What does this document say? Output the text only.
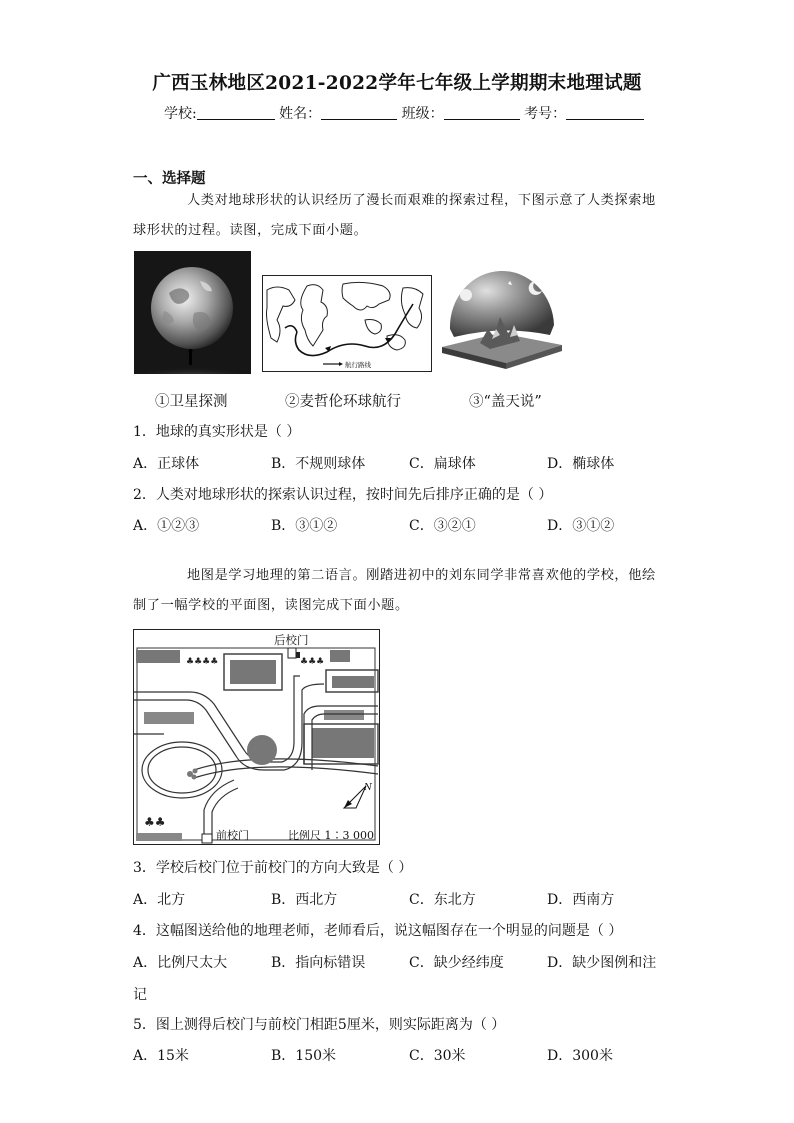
广西玉林地区2021-2022学年七年级上学期期末地理试题
学校:	姓名：	班级：	考号：
一、选择题
人类对地球形状的认识经历了漫长而艰难的探索过程，下图示意了人类探索地球形状的过程。读图，完成下面小题。
航行路线
①卫星探测	②麦哲伦环球航行	③“盖天说”
1．地球的真实形状是（ ）
A．正球体	B．不规则球体	C．扁球体	D．椭球体
2．人类对地球形状的探索认识过程，按时间先后排序正确的是（ ）
A．①②③	B．③①②	C．③②①	D．③①②
地图是学习地理的第二语言。刚踏进初中的刘东同学非常喜欢他的学校，他绘制了一幅学校的平面图，读图完成下面小题。
♣♣♣♣	♣♣♣
♣♣
后校门
前校门	比例尺 1∶3 000
N
3．学校后校门位于前校门的方向大致是（ ）
A．北方	B．西北方	C．东北方	D．西南方
4．这幅图送给他的地理老师，老师看后，说这幅图存在一个明显的问题是（ ）
A．比例尺太大	B．指向标错误	C．缺少经纬度	D．缺少图例和注
记
5．图上测得后校门与前校门相距5厘米，则实际距离为（ ）
A．15米	B．150米	C．30米	D．300米
